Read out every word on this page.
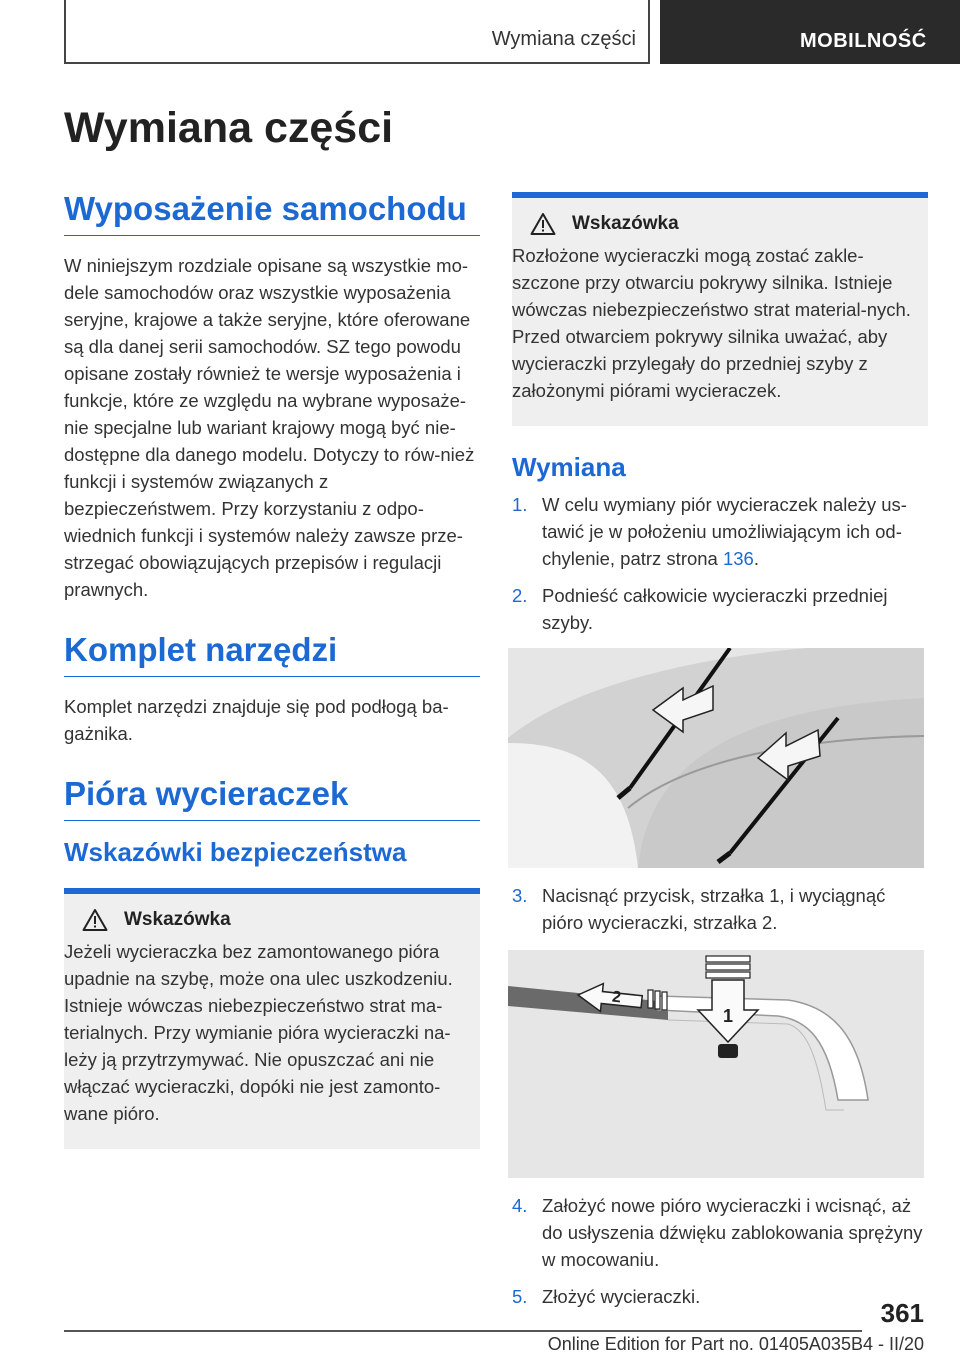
Wymiana części	MOBILNOŚĆ
Wymiana części
Wyposażenie samochodu

W niniejszym rozdziale opisane są wszystkie mo-dele samochodów oraz wszystkie wyposażenia seryjne, krajowe a także seryjne, które oferowane są dla danej serii samochodów. SZ tego powodu opisane zostały również te wersje wyposażenia i funkcje, które ze względu na wybrane wyposaże-nie specjalne lub wariant krajowy mogą być nie-dostępne dla danego modelu. Dotyczy to rów-nież funkcji i systemów związanych z bezpieczeństwem. Przy korzystaniu z odpo-wiednich funkcji i systemów należy zawsze prze-strzegać obowiązujących przepisów i regulacji prawnych.

Komplet narzędzi

Komplet narzędzi znajduje się pod podłogą ba-gażnika.

Pióra wycieraczek
Wskazówki bezpieczeństwa
Wskazówka
Jeżeli wycieraczka bez zamontowanego pióra upadnie na szybę, może ona ulec uszkodzeniu. Istnieje wówczas niebezpieczeństwo strat ma-terialnych. Przy wymianie pióra wycieraczki na-leży ją przytrzymywać. Nie opuszczać ani nie włączać wycieraczki, dopóki nie jest zamonto-wane pióro.
Wskazówka
Rozłożone wycieraczki mogą zostać zakle-szczone przy otwarciu pokrywy silnika. Istnieje wówczas niebezpieczeństwo strat material-nych. Przed otwarciem pokrywy silnika uważać, aby wycieraczki przylegały do przedniej szyby z założonymi piórami wycieraczek.
Wymiana
1. W celu wymiany piór wycieraczek należy us-tawić je w położeniu umożliwiającym ich od-chylenie, patrz strona 136.
2. Podnieść całkowicie wycieraczki przedniej szyby.
3. Nacisnąć przycisk, strzałka 1, i wyciągnąć pióro wycieraczki, strzałka 2.
1
2
4. Założyć nowe pióro wycieraczki i wcisnąć, aż do usłyszenia dźwięku zablokowania sprężyny w mocowaniu.
5. Złożyć wycieraczki.
361
Online Edition for Part no. 01405A035B4 - II/20
